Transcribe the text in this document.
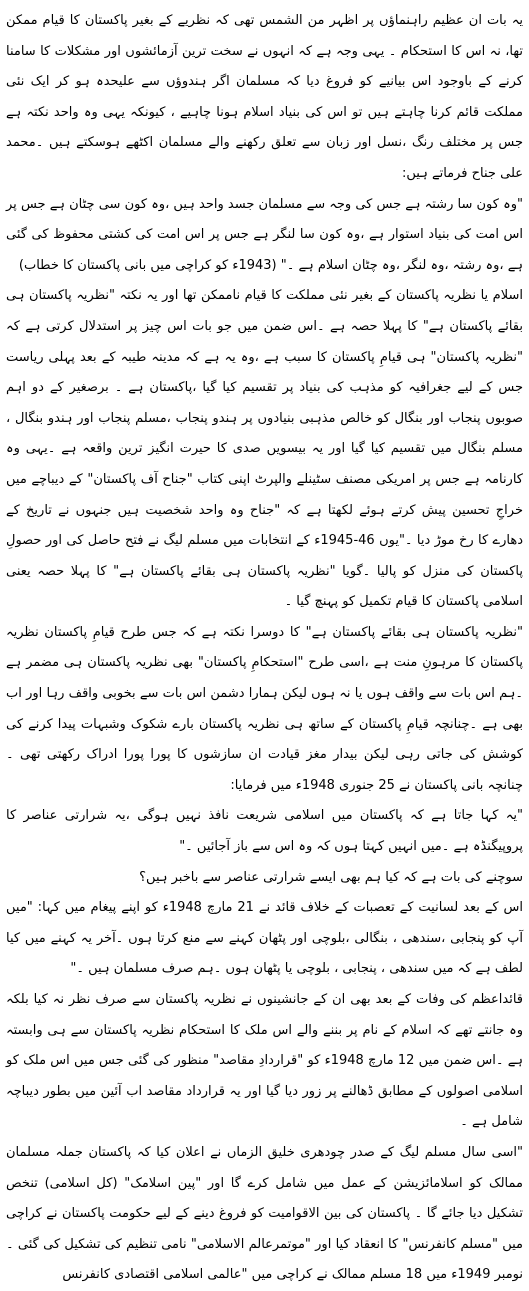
یہ بات ان عظیم راہنماؤں پر اظہر من الشمس تھی کہ نظریے کے بغیر پاکستان کا قیام ممکن تھا، نہ اس کا استحکام ۔ یہی وجہ ہے کہ انہوں نے سخت ترین آزمائشوں اور مشکلات کا سامنا کرنے کے باوجود اس بیانیے کو فروغ دیا کہ مسلمان اگر ہندوؤں سے علیحدہ ہو کر ایک نئی مملکت قائم کرنا چاہتے ہیں تو اس کی بنیاد اسلام ہونا چاہیے ، کیونکہ یہی وہ واحد نکتہ ہے جس پر مختلف رنگ ،نسل اور زبان سے تعلق رکھنے والے مسلمان اکٹھے ہوسکتے ہیں ۔محمد علی جناح فرماتے ہیں:

"وہ کون سا رشتہ ہے جس کی وجہ سے مسلمان جسد واحد ہیں ،وہ کون سی چٹان ہے جس پر اس امت کی بنیاد استوار ہے ،وہ کون سا لنگر ہے جس پر اس امت کی کشتی محفوظ کی گئی ہے ،وہ رشتہ ،وہ لنگر ،وہ چٹان اسلام ہے ۔" (1943ء کو کراچی میں بانی پاکستان کا خطاب)

اسلام یا نظریہ پاکستان کے بغیر نئی مملکت کا قیام ناممکن تھا اور یہ نکتہ "نظریہ پاکستان ہی بقائے پاکستان ہے" کا پہلا حصہ ہے ۔اس ضمن میں جو بات اس چیز پر استدلال کرتی ہے کہ "نظریہ پاکستان" ہی قیامِ پاکستان کا سبب ہے ،وہ یہ ہے کہ مدینہ طیبہ کے بعد پہلی ریاست جس کے لیے جغرافیہ کو مذہب کی بنیاد پر تقسیم کیا گیا ،پاکستان ہے ۔ برصغیر کے دو اہم صوبوں پنجاب اور بنگال کو خالص مذہبی بنیادوں پر ہندو پنجاب ،مسلم پنجاب اور ہندو بنگال ، مسلم بنگال میں تقسیم کیا گیا اور یہ بیسویں صدی کا حیرت انگیز ترین واقعہ ہے ۔یہی وہ کارنامہ ہے جس پر امریکی مصنف سٹینلے والپرٹ اپنی کتاب "جناح آف پاکستان" کے دیباچے میں خراجِ تحسین پیش کرتے ہوئے لکھتا ہے کہ "جناح وہ واحد شخصیت ہیں جنہوں نے تاریخ کے دھارے کا رخ موڑ دیا ۔"یوں 46-1945ء کے انتخابات میں مسلم لیگ نے فتح حاصل کی اور حصولِ پاکستان کی منزل کو پالیا ۔گویا "نظریہ پاکستان ہی بقائے پاکستان ہے" کا پہلا حصہ یعنی اسلامی پاکستان کا قیام تکمیل کو پہنچ گیا ۔

"نظریہ پاکستان ہی بقائے پاکستان ہے" کا دوسرا نکتہ ہے کہ جس طرح قیامِ پاکستان نظریہ پاکستان کا مرہونِ منت ہے ،اسی طرح "استحکامِ پاکستان" بھی نظریہ پاکستان ہی مضمر ہے ۔ہم اس بات سے واقف ہوں یا نہ ہوں لیکن ہمارا دشمن اس بات سے بخوبی واقف رہا اور اب بھی ہے ۔چنانچہ قیامِ پاکستان کے ساتھ ہی نظریہ پاکستان بارے شکوک وشبہات پیدا کرنے کی کوشش کی جاتی رہی لیکن بیدار مغز قیادت ان سازشوں کا پورا پورا ادراک رکھتی تھی ۔ چنانچہ بانی پاکستان نے 25 جنوری 1948ء میں فرمایا:

"یہ کہا جاتا ہے کہ پاکستان میں اسلامی شریعت نافذ نہیں ہوگی ،یہ شرارتی عناصر کا پروپیگنڈہ ہے ۔میں انہیں کہتا ہوں کہ وہ اس سے باز آجائیں ۔"

سوچنے کی بات ہے کہ کیا ہم بھی ایسے شرارتی عناصر سے باخبر ہیں؟

اس کے بعد لسانیت کے تعصبات کے خلاف قائد نے 21 مارچ 1948ء کو اپنے پیغام میں کہا: "میں آپ کو پنجابی ،سندھی ، بنگالی ،بلوچی اور پٹھان کہنے سے منع کرتا ہوں ۔آخر یہ کہنے میں کیا لطف ہے کہ میں سندھی ، پنجابی ، بلوچی یا پٹھان ہوں ۔ہم صرف مسلمان ہیں ۔"

قائداعظم کی وفات کے بعد بھی ان کے جانشینوں نے نظریہ پاکستان سے صرف نظر نہ کیا بلکہ وہ جانتے تھے کہ اسلام کے نام پر بننے والے اس ملک کا استحکام نظریہ پاکستان سے ہی وابستہ ہے ۔اس ضمن میں 12 مارچ 1948ء کو "قراردادِ مقاصد" منظور کی گئی جس میں اس ملک کو اسلامی اصولوں کے مطابق ڈھالنے پر زور دیا گیا اور یہ قرارداد مقاصد اب آئین میں بطور دیباچہ شامل ہے ۔

"اسی سال مسلم لیگ کے صدر چودھری خلیق الزماں نے اعلان کیا کہ پاکستان جملہ مسلمان ممالک کو اسلامائزیشن کے عمل میں شامل کرے گا اور "پین اسلامک" (کل اسلامی) تنخص تشکیل دیا جائے گا ۔ پاکستان کی بین الاقوامیت کو فروغ دینے کے لیے حکومت پاکستان نے کراچی میں "مسلم کانفرنس" کا انعقاد کیا اور "موتمرعالم الاسلامی" نامی تنظیم کی تشکیل کی گئی ۔نومبر 1949ء میں 18 مسلم ممالک نے کراچی میں "عالمی اسلامی اقتصادی کانفرنس
